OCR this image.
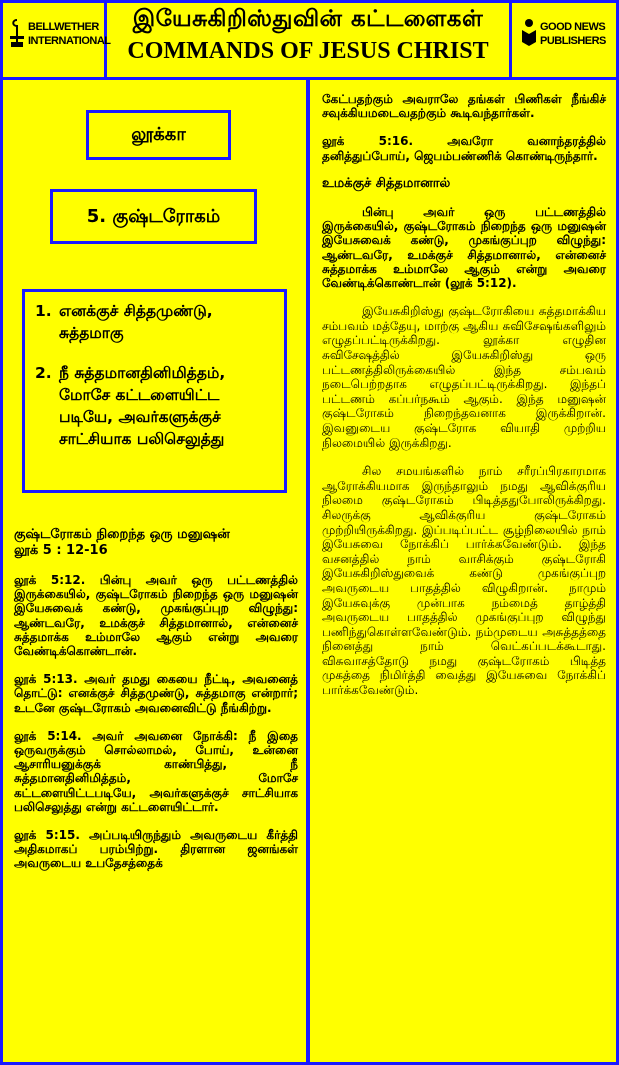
BELLWETHER
INTERNATIONAL
இயேசுகிறிஸ்துவின் கட்டளைகள்
COMMANDS OF JESUS CHRIST
GOOD NEWS
PUBLISHERS
லூக்கா
5. குஷ்டரோகம்
1. எனக்குச் சித்தமுண்டு, சுத்தமாகு
2. நீ சுத்தமானதினிமித்தம், மோசே கட்டளையிட்ட படியே, அவர்களுக்குச் சாட்சியாக பலிசெலுத்து

குஷ்டரோகம் நிறைந்த ஒரு மனுஷன்
லூக் 5 : 12-16

லூக் 5:12. பின்பு அவர் ஒரு பட்டணத்தில் இருக்கையில், குஷ்டரோகம் நிறைந்த ஒரு மனுஷன் இயேசுவைக் கண்டு, முகங்குப்புற விழுந்து: ஆண்டவரே, உமக்குச் சித்தமானால், என்னைச் சுத்தமாக்க உம்மாலே ஆகும் என்று அவரை வேண்டிக்கொண்டான்.

லூக் 5:13. அவர் தமது கையை நீட்டி, அவனைத் தொட்டு: எனக்குச் சித்தமுண்டு, சுத்தமாகு என்றார்; உடனே குஷ்டரோகம் அவனைவிட்டு நீங்கிற்று.

லூக் 5:14. அவர் அவனை நோக்கி: நீ இதை ஒருவருக்கும் சொல்லாமல், போய், உன்னை ஆசாரியனுக்குக் காண்பித்து, நீ சுத்தமானதினிமித்தம், மோசே கட்டளையிட்டபடியே, அவர்களுக்குச் சாட்சியாக பலிசெலுத்து என்று கட்டளையிட்டார்.

லூக் 5:15. அப்படியிருந்தும் அவருடைய கீர்த்தி அதிகமாகப் பரம்பிற்று. திரளான ஜனங்கள் அவருடைய உபதேசத்தைக்

கேட்பதற்கும் அவராலே தங்கள் பிணிகள் நீங்கிச் சவுக்கியமடைவதற்கும் கூடிவந்தார்கள்.

லூக் 5:16. அவரோ வனாந்தரத்தில் தனித்துப்போய், ஜெபம்பண்ணிக் கொண்டிருந்தார்.

உமக்குச் சித்தமானால்

பின்பு அவர் ஒரு பட்டணத்தில் இருக்கையில், குஷ்டரோகம் நிறைந்த ஒரு மனுஷன் இயேசுவைக் கண்டு, முகங்குப்புற விழுந்து: ஆண்டவரே, உமக்குச் சித்தமானால், என்னைச் சுத்தமாக்க உம்மாலே ஆகும் என்று அவரை வேண்டிக்கொண்டான் (லூக் 5:12).

இயேசுகிறிஸ்து குஷ்டரோகியை சுத்தமாக்கிய சம்பவம் மத்தேயு, மாற்கு ஆகிய சுவிசேஷங்களிலும் எழுதப்பட்டிருக்கிறது. லூக்கா எழுதின சுவிசேஷத்தில் இயேசுகிறிஸ்து ஒரு பட்டணத்திலிருக்கையில் இந்த சம்பவம் நடைபெற்றதாக எழுதப்பட்டிருக்கிறது. இந்தப் பட்டணம் கப்பர்நகூம் ஆகும். இந்த மனுஷன் குஷ்டரோகம் நிறைந்தவனாக இருக்கிறான். இவனுடைய குஷ்டரோக வியாதி முற்றிய நிலமையில் இருக்கிறது.

சில சமயங்களில் நாம் சரீரப்பிரகாரமாக ஆரோக்கியமாக இருந்தாலும் நமது ஆவிக்குரிய நிலமை குஷ்டரோகம் பிடித்ததுபோலிருக்கிறது. சிலருக்கு ஆவிக்குரிய குஷ்டரோகம் முற்றியிருக்கிறது. இப்படிப்பட்ட சூழ்நிலையில் நாம் இயேசுவை நோக்கிப் பார்க்கவேண்டும். இந்த வசனத்தில் நாம் வாசிக்கும் குஷ்டரோகி இயேசுகிறிஸ்துவைக் கண்டு முகங்குப்புற அவருடைய பாதத்தில் விழுகிறான். நாமும் இயேசுவுக்கு முன்பாக நம்மைத் தாழ்த்தி அவருடைய பாதத்தில் முகங்குப்புற விழுந்து பணிந்துகொள்ளவேண்டும். நம்முடைய அசுத்தத்தை நினைத்து நாம் வெட்கப்படக்கூடாது. விசுவாசத்தோடு நமது குஷ்டரோகம் பிடித்த முகத்தை நிமிர்த்தி வைத்து இயேசுவை நோக்கிப் பார்க்கவேண்டும்.
